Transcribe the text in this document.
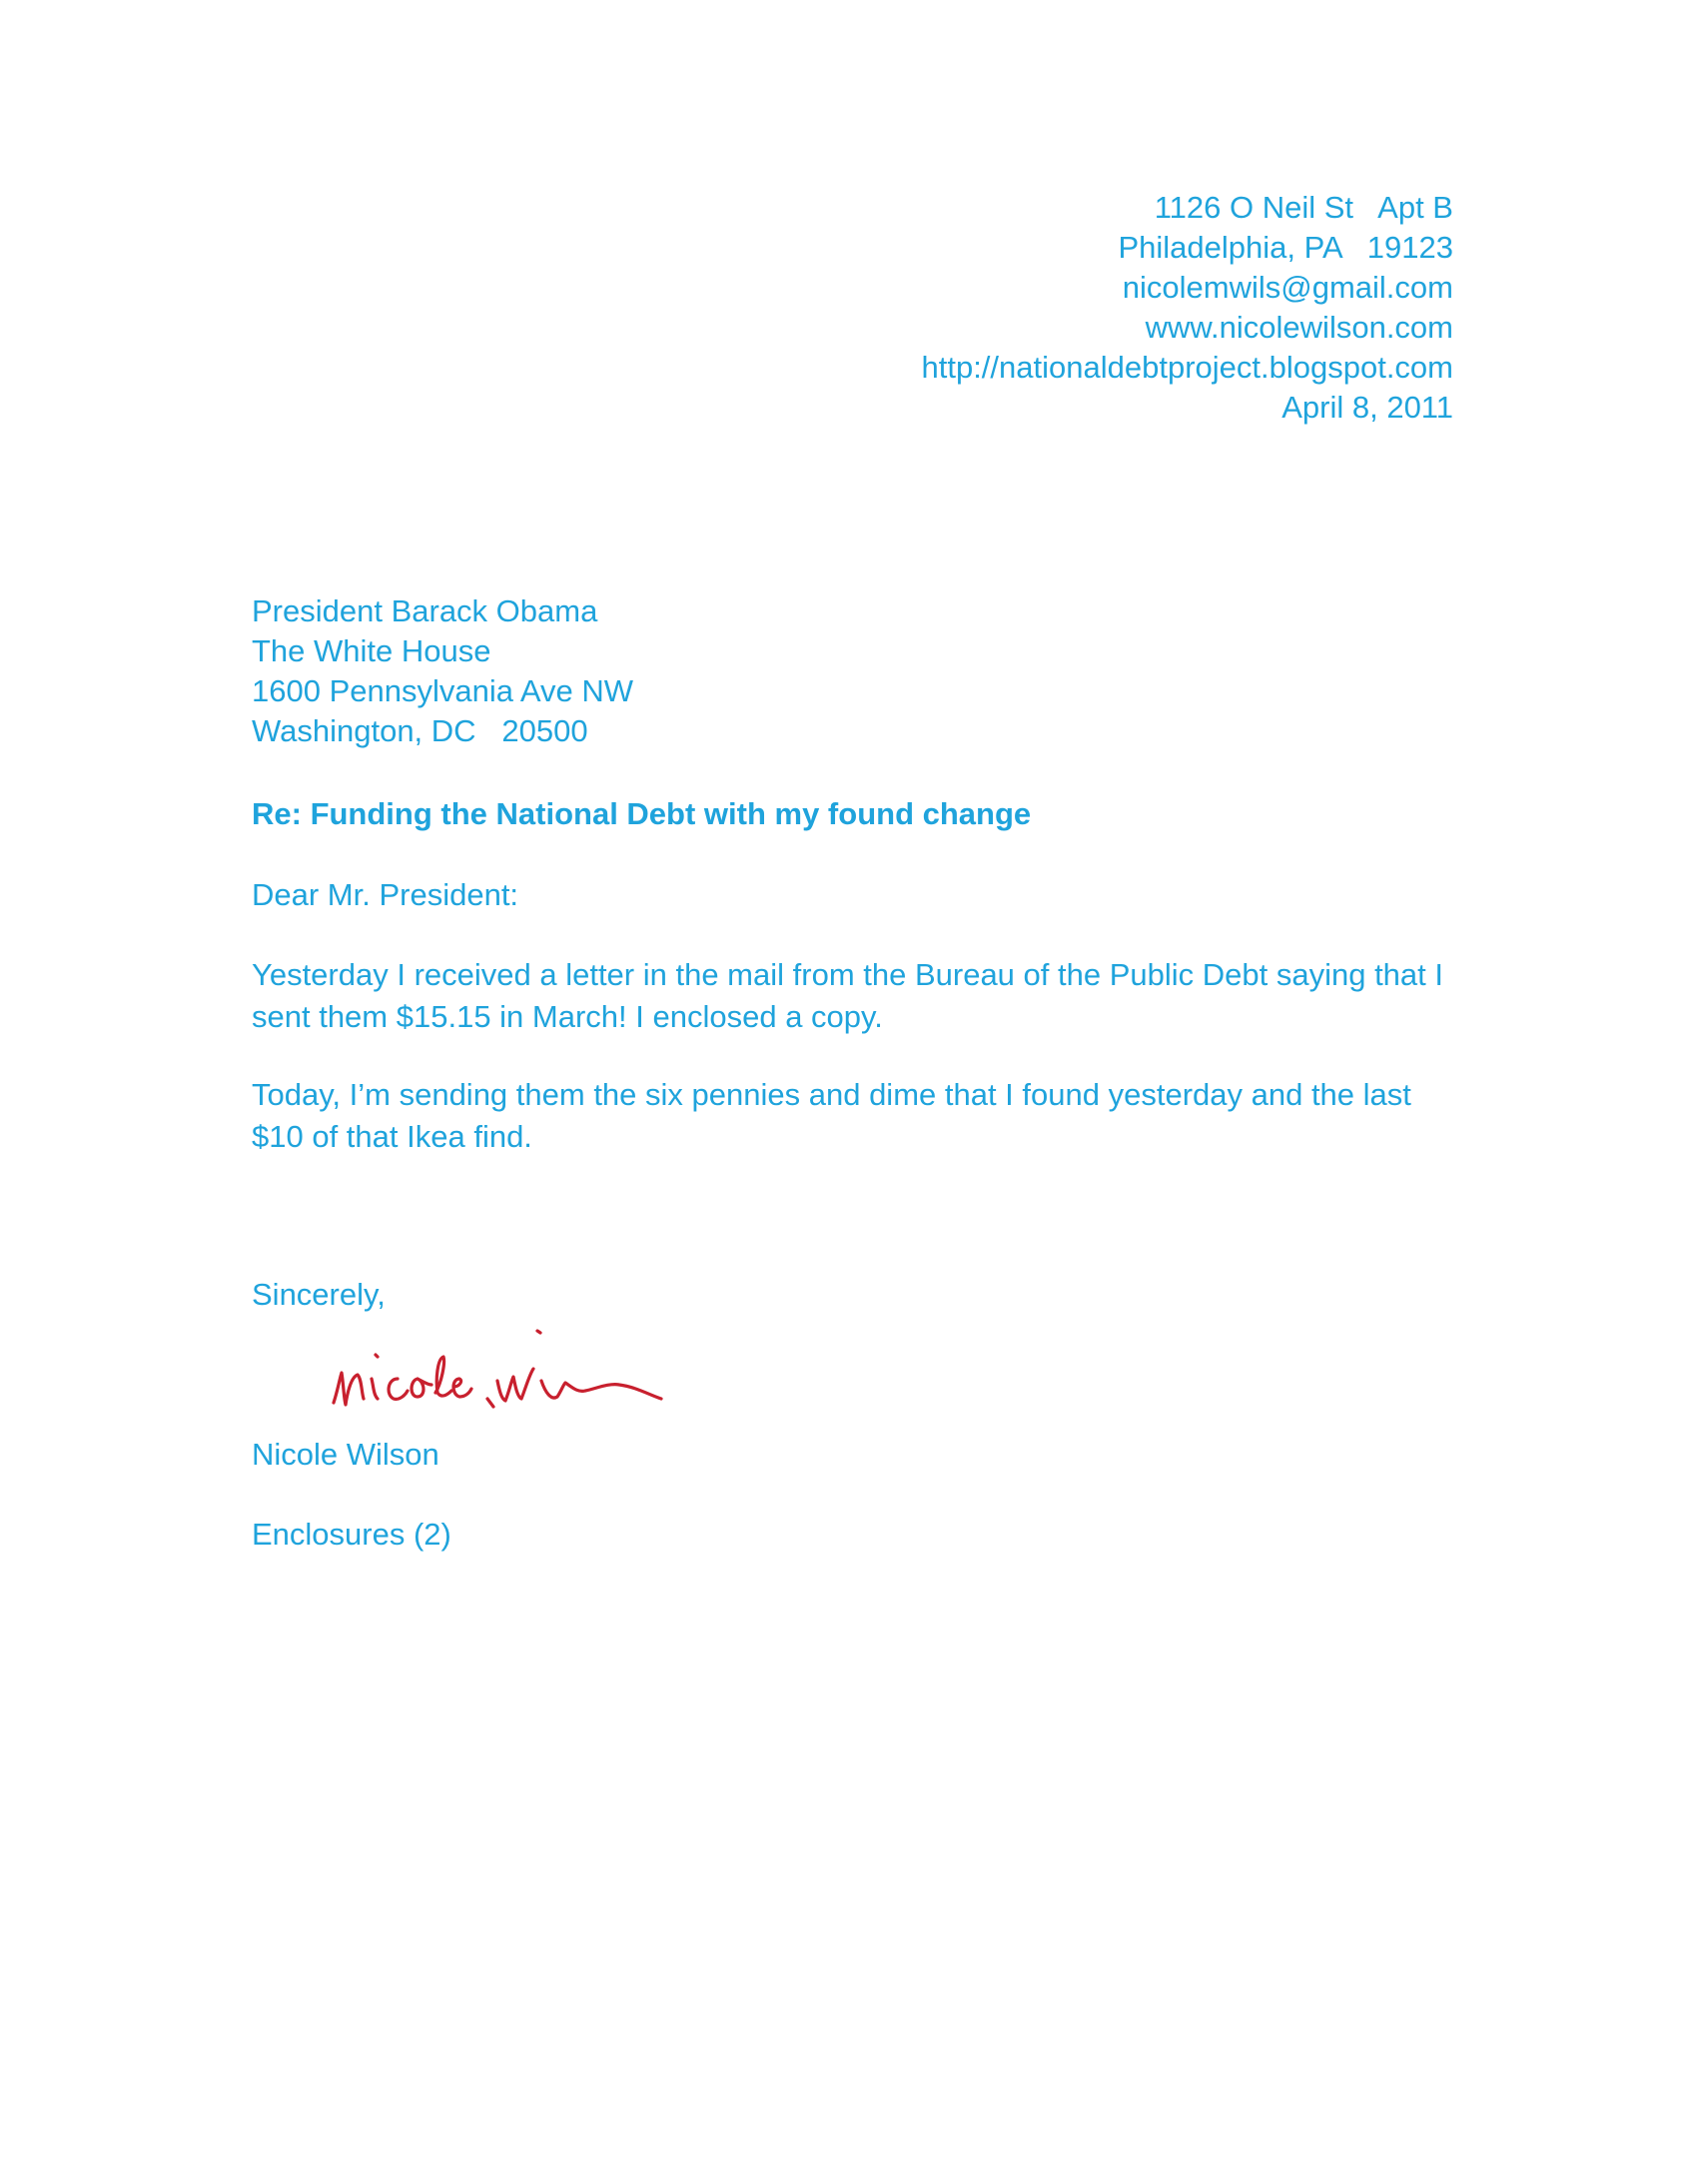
1126 O Neil St   Apt B
Philadelphia, PA   19123
nicolemwils@gmail.com
www.nicolewilson.com
http://nationaldebtproject.blogspot.com
April 8, 2011
President Barack Obama
The White House
1600 Pennsylvania Ave NW
Washington, DC   20500
Re: Funding the National Debt with my found change
Dear Mr. President:
Yesterday I received a letter in the mail from the Bureau of the Public Debt saying that I sent them $15.15 in March! I enclosed a copy.
Today, I’m sending them the six pennies and dime that I found yesterday and the last $10 of that Ikea find.
Sincerely,
Nicole Wilson
Enclosures (2)
